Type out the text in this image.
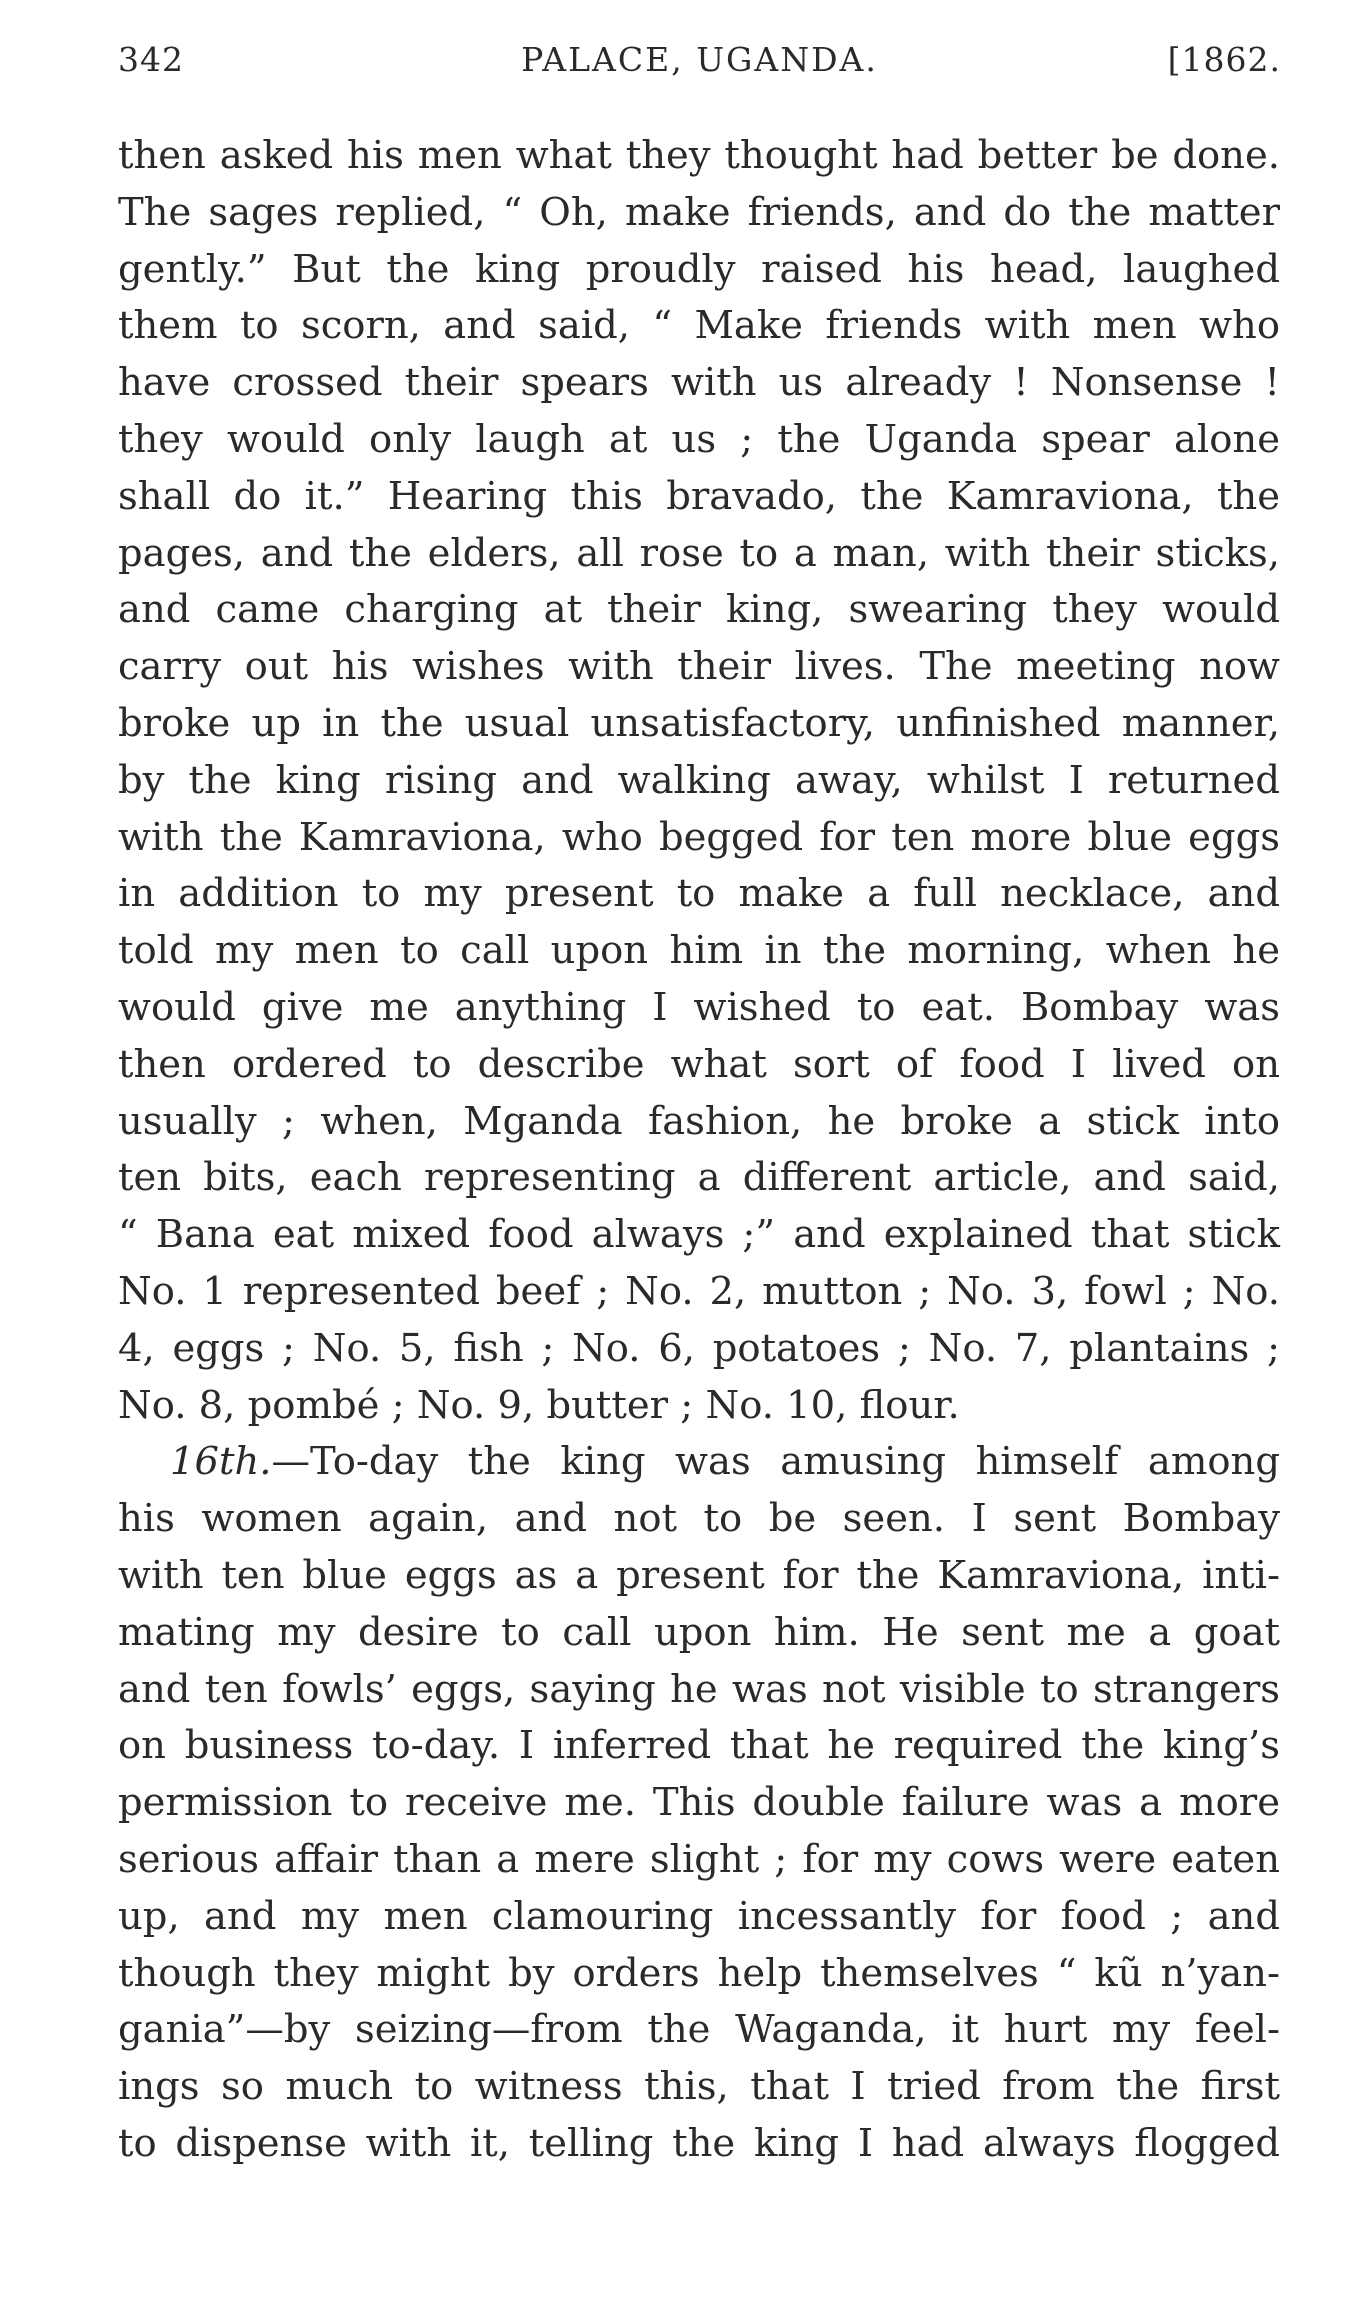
342	PALACE, UGANDA.	[1862.
then asked his men what they thought had better be done.
The sages replied, “ Oh, make friends, and do the matter
gently.” But the king proudly raised his head, laughed
them to scorn, and said, “ Make friends with men who
have crossed their spears with us already ! Nonsense !
they would only laugh at us ; the Uganda spear alone
shall do it.” Hearing this bravado, the Kamraviona, the
pages, and the elders, all rose to a man, with their sticks,
and came charging at their king, swearing they would
carry out his wishes with their lives. The meeting now
broke up in the usual unsatisfactory, unfinished manner,
by the king rising and walking away, whilst I returned
with the Kamraviona, who begged for ten more blue eggs
in addition to my present to make a full necklace, and
told my men to call upon him in the morning, when he
would give me anything I wished to eat. Bombay was
then ordered to describe what sort of food I lived on
usually ; when, Mganda fashion, he broke a stick into
ten bits, each representing a different article, and said,
“ Bana eat mixed food always ;” and explained that stick
No. 1 represented beef ; No. 2, mutton ; No. 3, fowl ; No.
4, eggs ; No. 5, fish ; No. 6, potatoes ; No. 7, plantains ;
No. 8, pombé ; No. 9, butter ; No. 10, flour.
16th.—To-day the king was amusing himself among
his women again, and not to be seen. I sent Bombay
with ten blue eggs as a present for the Kamraviona, inti-
mating my desire to call upon him. He sent me a goat
and ten fowls’ eggs, saying he was not visible to strangers
on business to-day. I inferred that he required the king’s
permission to receive me. This double failure was a more
serious affair than a mere slight ; for my cows were eaten
up, and my men clamouring incessantly for food ; and
though they might by orders help themselves “ kũ n’yan-
gania”—by seizing—from the Waganda, it hurt my feel-
ings so much to witness this, that I tried from the first
to dispense with it, telling the king I had always flogged
